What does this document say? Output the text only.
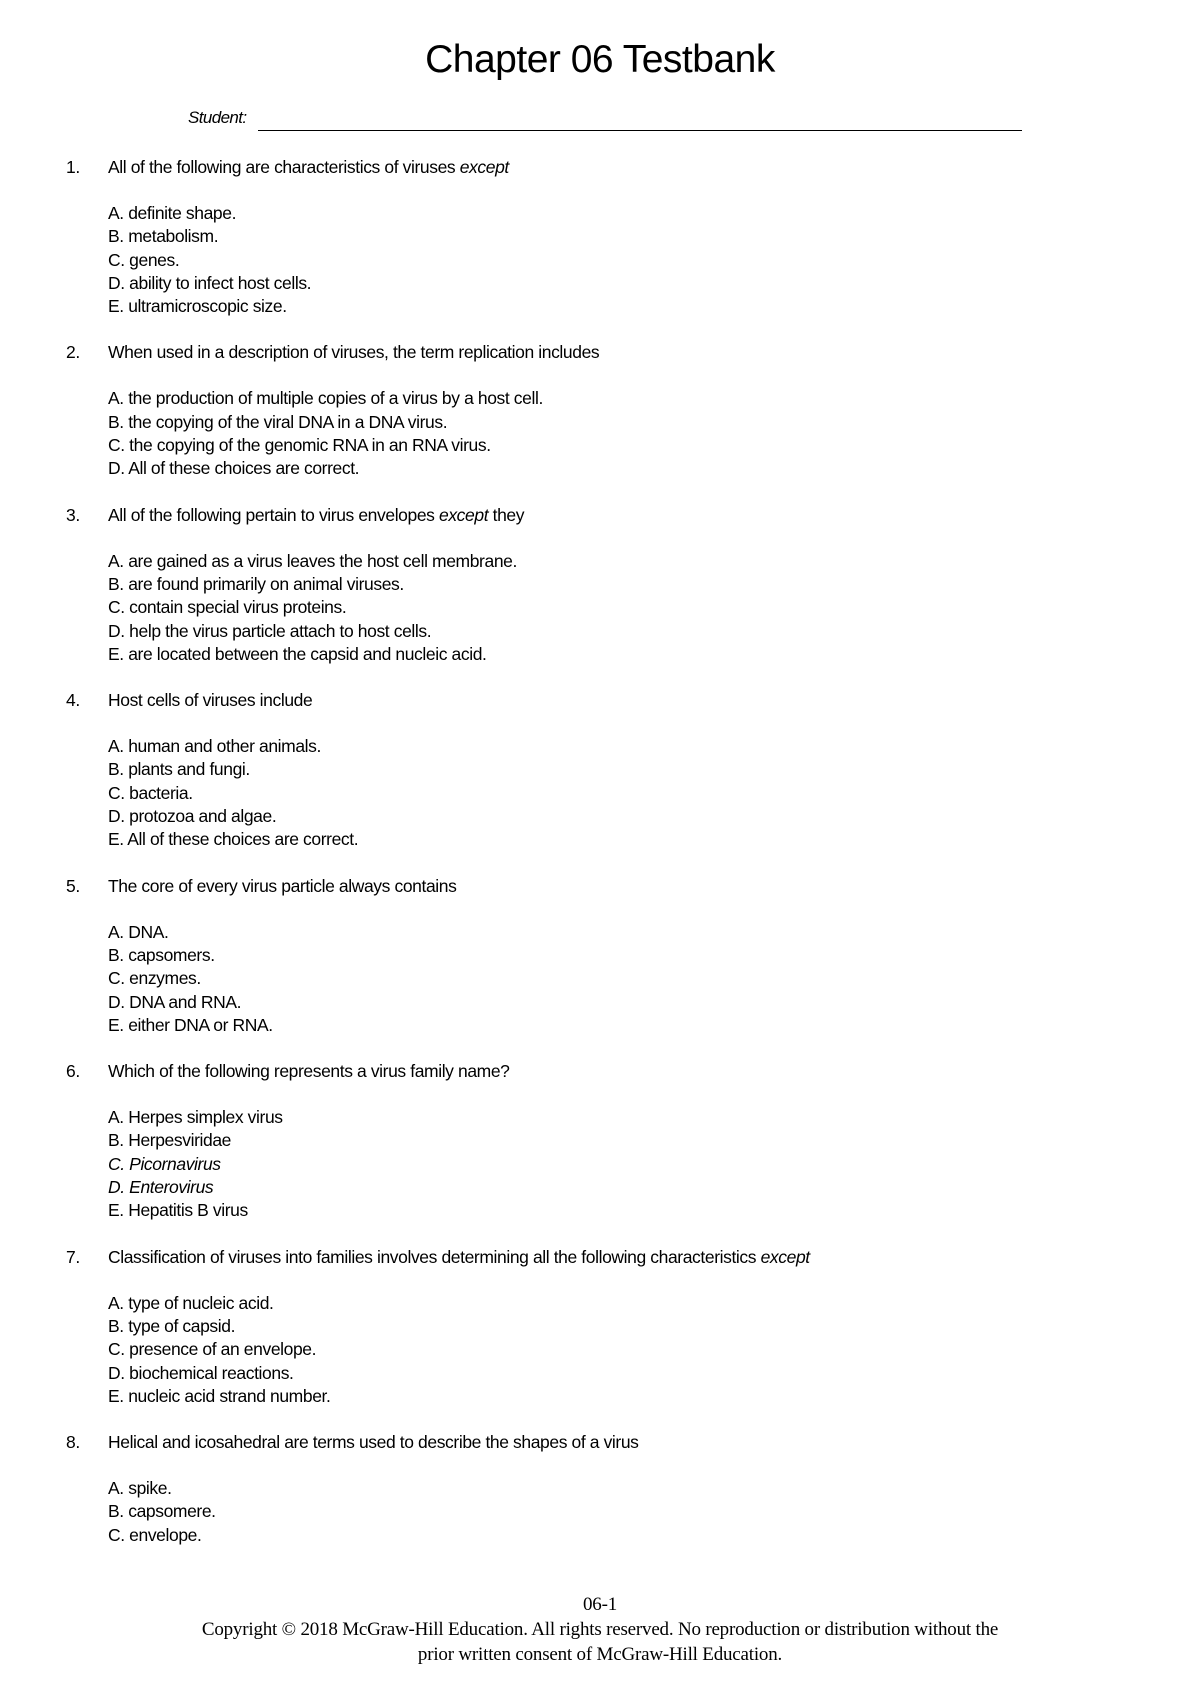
Chapter 06 Testbank
Student:
1. All of the following are characteristics of viruses except
A. definite shape.
B. metabolism.
C. genes.
D. ability to infect host cells.
E. ultramicroscopic size.
2. When used in a description of viruses, the term replication includes
A. the production of multiple copies of a virus by a host cell.
B. the copying of the viral DNA in a DNA virus.
C. the copying of the genomic RNA in an RNA virus.
D. All of these choices are correct.
3. All of the following pertain to virus envelopes except they
A. are gained as a virus leaves the host cell membrane.
B. are found primarily on animal viruses.
C. contain special virus proteins.
D. help the virus particle attach to host cells.
E. are located between the capsid and nucleic acid.
4. Host cells of viruses include
A. human and other animals.
B. plants and fungi.
C. bacteria.
D. protozoa and algae.
E. All of these choices are correct.
5. The core of every virus particle always contains
A. DNA.
B. capsomers.
C. enzymes.
D. DNA and RNA.
E. either DNA or RNA.
6. Which of the following represents a virus family name?
A. Herpes simplex virus
B. Herpesviridae
C. Picornavirus
D. Enterovirus
E. Hepatitis B virus
7. Classification of viruses into families involves determining all the following characteristics except
A. type of nucleic acid.
B. type of capsid.
C. presence of an envelope.
D. biochemical reactions.
E. nucleic acid strand number.
8. Helical and icosahedral are terms used to describe the shapes of a virus
A. spike.
B. capsomere.
C. envelope.
06-1
Copyright © 2018 McGraw-Hill Education. All rights reserved. No reproduction or distribution without the
prior written consent of McGraw-Hill Education.
